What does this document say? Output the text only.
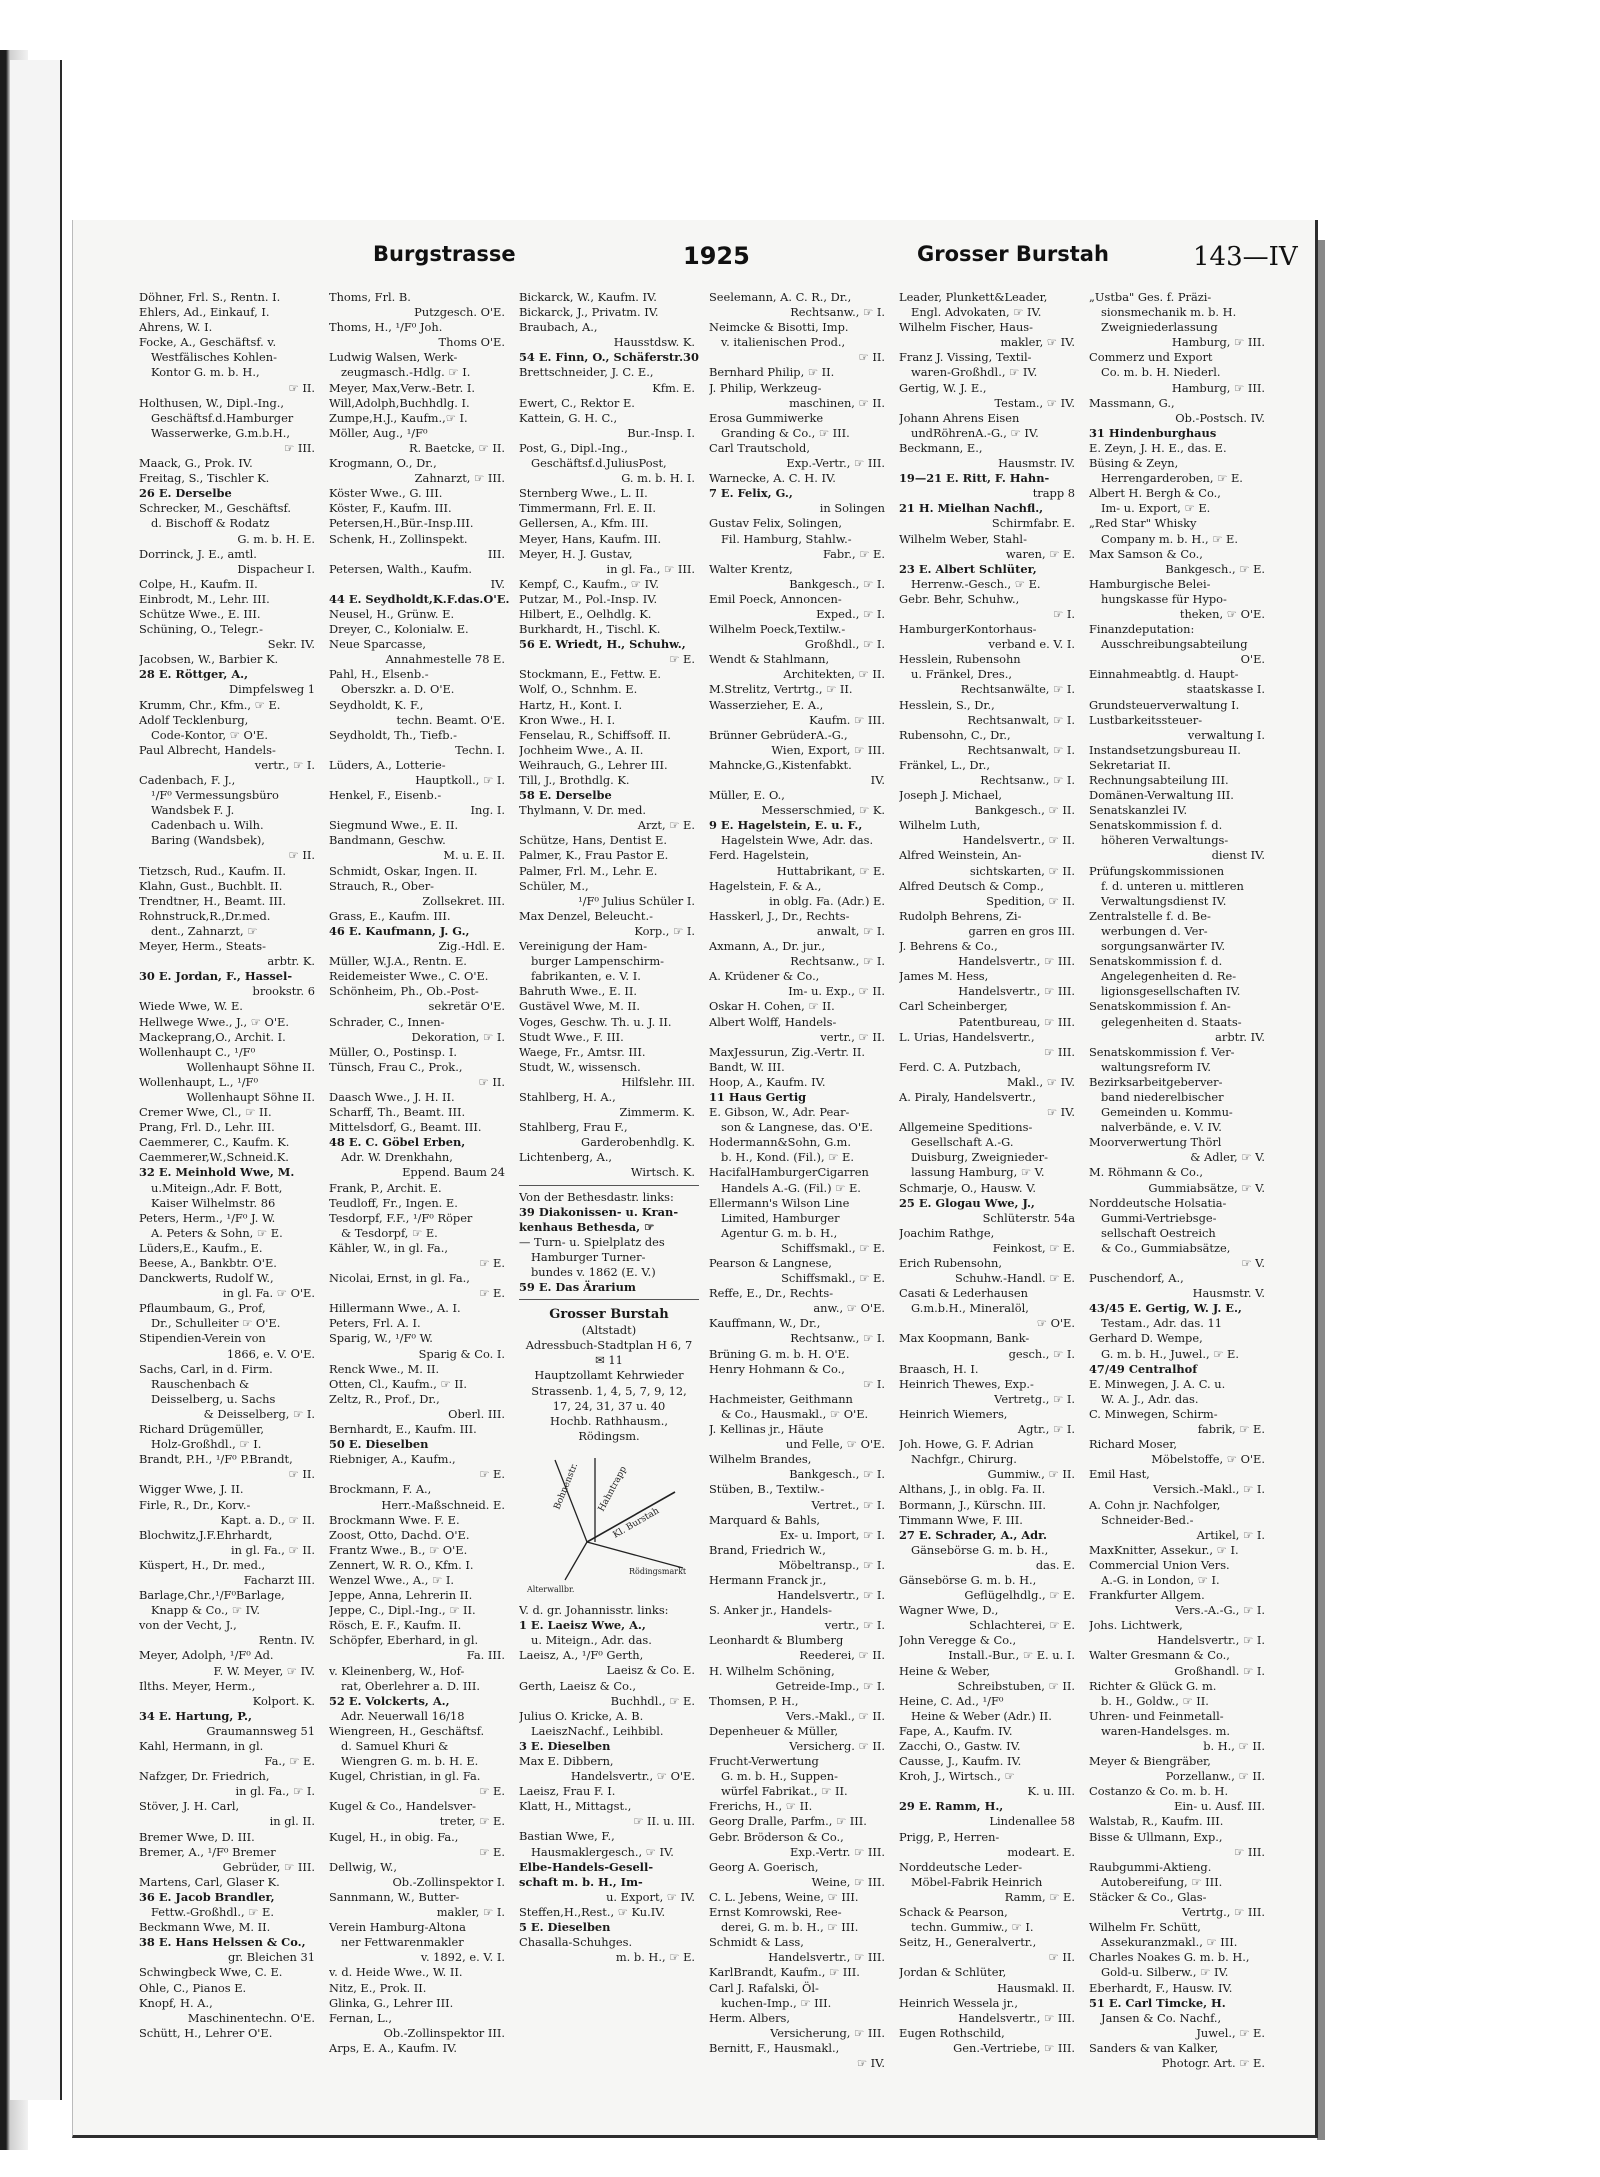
Burgstrasse	1925	Grosser Burstah	143—IV
Döhner, Frl. S., Rentn. I.
Ehlers, Ad., Einkauf, I.
Ahrens, W. I.
Focke, A., Geschäftsf. v.
Westfälisches Kohlen-
Kontor G. m. b. H.,
☞ II.
Holthusen, W., Dipl.-Ing.,
Geschäftsf.d.Hamburger
Wasserwerke, G.m.b.H.,
☞ III.
Maack, G., Prok. IV.
Freitag, S., Tischler K.
26 E. Derselbe
Schrecker, M., Geschäftsf.
d. Bischoff & Rodatz
G. m. b. H. E.
Dorrinck, J. E., amtl.
Dispacheur I.
Colpe, H., Kaufm. II.
Einbrodt, M., Lehr. III.
Schütze Wwe., E. III.
Schüning, O., Telegr.-
Sekr. IV.
Jacobsen, W., Barbier K.
28 E. Röttger, A.,
Dimpfelsweg 1
Krumm, Chr., Kfm., ☞ E.
Adolf Tecklenburg,
Code-Kontor, ☞ O'E.
Paul Albrecht, Handels-
vertr., ☞ I.
Cadenbach, F. J.,
¹/F⁰ Vermessungsbüro
Wandsbek F. J.
Cadenbach u. Wilh.
Baring (Wandsbek),
☞ II.
Tietzsch, Rud., Kaufm. II.
Klahn, Gust., Buchblt. II.
Trendtner, H., Beamt. III.
Rohnstruck,R.,Dr.med.
dent., Zahnarzt, ☞
Meyer, Herm., Steats-
arbtr. K.
30 E. Jordan, F., Hassel-
brookstr. 6
Wiede Wwe, W. E.
Hellwege Wwe., J., ☞ O'E.
Mackeprang,O., Archit. I.
Wollenhaupt C., ¹/F⁰
Wollenhaupt Söhne II.
Wollenhaupt, L., ¹/F⁰
Wollenhaupt Söhne II.
Cremer Wwe, Cl., ☞ II.
Prang, Frl. D., Lehr. III.
Caemmerer, C., Kaufm. K.
Caemmerer,W.,Schneid.K.
32 E. Meinhold Wwe, M.
u.Miteign.,Adr. F. Bott,
Kaiser Wilhelmstr. 86
Peters, Herm., ¹/F⁰ J. W.
A. Peters & Sohn, ☞ E.
Lüders,E., Kaufm., E.
Beese, A., Bankbtr. O'E.
Danckwerts, Rudolf W.,
in gl. Fa. ☞ O'E.
Pflaumbaum, G., Prof,
Dr., Schulleiter ☞ O'E.
Stipendien-Verein von
1866, e. V. O'E.
Sachs, Carl, in d. Firm.
Rauschenbach &
Deisselberg, u. Sachs
& Deisselberg, ☞ I.
Richard Drügemüller,
Holz-Großhdl., ☞ I.
Brandt, P.H., ¹/F⁰ P.Brandt,
☞ II.
Wigger Wwe, J. II.
Firle, R., Dr., Korv.-
Kapt. a. D., ☞ II.
Blochwitz,J.F.Ehrhardt,
in gl. Fa., ☞ II.
Küspert, H., Dr. med.,
Facharzt III.
Barlage,Chr.,¹/F⁰Barlage,
Knapp & Co., ☞ IV.
von der Vecht, J.,
Rentn. IV.
Meyer, Adolph, ¹/F⁰ Ad.
F. W. Meyer, ☞ IV.
Ilths. Meyer, Herm.,
Kolport. K.
34 E. Hartung, P.,
Graumannsweg 51
Kahl, Hermann, in gl.
Fa., ☞ E.
Nafzger, Dr. Friedrich,
in gl. Fa., ☞ I.
Stöver, J. H. Carl,
in gl. II.
Bremer Wwe, D. III.
Bremer, A., ¹/F⁰ Bremer
Gebrüder, ☞ III.
Martens, Carl, Glaser K.
36 E. Jacob Brandler,
Fettw.-Großhdl., ☞ E.
Beckmann Wwe, M. II.
38 E. Hans Helssen & Co.,
gr. Bleichen 31
Schwingbeck Wwe, C. E.
Ohle, C., Pianos E.
Knopf, H. A.,
Maschinentechn. O'E.
Schütt, H., Lehrer O'E.
Thoms, Frl. B.
Putzgesch. O'E.
Thoms, H., ¹/F⁰ Joh.
Thoms O'E.
Ludwig Walsen, Werk-
zeugmasch.-Hdlg. ☞ I.
Meyer, Max,Verw.-Betr. I.
Will,Adolph,Buchhdlg. I.
Zumpe,H.J., Kaufm.,☞ I.
Möller, Aug., ¹/F⁰
R. Baetcke, ☞ II.
Krogmann, O., Dr.,
Zahnarzt, ☞ III.
Köster Wwe., G. III.
Köster, F., Kaufm. III.
Petersen,H.,Bür.-Insp.III.
Schenk, H., Zollinspekt.
III.
Petersen, Walth., Kaufm.
IV.
44 E. Seydholdt,K.F.das.O'E.
Neusel, H., Grünw. E.
Dreyer, C., Kolonialw. E.
Neue Sparcasse,
Annahmestelle 78 E.
Pahl, H., Elsenb.-
Oberszkr. a. D. O'E.
Seydholdt, K. F.,
techn. Beamt. O'E.
Seydholdt, Th., Tiefb.-
Techn. I.
Lüders, A., Lotterie-
Hauptkoll., ☞ I.
Henkel, F., Eisenb.-
Ing. I.
Siegmund Wwe., E. II.
Bandmann, Geschw.
M. u. E. II.
Schmidt, Oskar, Ingen. II.
Strauch, R., Ober-
Zollsekret. III.
Grass, E., Kaufm. III.
46 E. Kaufmann, J. G.,
Zig.-Hdl. E.
Müller, W.J.A., Rentn. E.
Reidemeister Wwe., C. O'E.
Schönheim, Ph., Ob.-Post-
sekretär O'E.
Schrader, C., Innen-
Dekoration, ☞ I.
Müller, O., Postinsp. I.
Tünsch, Frau C., Prok.,
☞ II.
Daasch Wwe., J. H. II.
Scharff, Th., Beamt. III.
Mittelsdorf, G., Beamt. III.
48 E. C. Göbel Erben,
Adr. W. Drenkhahn,
Eppend. Baum 24
Frank, P., Archit. E.
Teudloff, Fr., Ingen. E.
Tesdorpf, F.F., ¹/F⁰ Röper
& Tesdorpf, ☞ E.
Kähler, W., in gl. Fa.,
☞ E.
Nicolai, Ernst, in gl. Fa.,
☞ E.
Hillermann Wwe., A. I.
Peters, Frl. A. I.
Sparig, W., ¹/F⁰ W.
Sparig & Co. I.
Renck Wwe., M. II.
Otten, Cl., Kaufm., ☞ II.
Zeltz, R., Prof., Dr.,
Oberl. III.
Bernhardt, E., Kaufm. III.
50 E. Dieselben
Riebniger, A., Kaufm.,
☞ E.
Brockmann, F. A.,
Herr.-Maßschneid. E.
Brockmann Wwe. F. E.
Zoost, Otto, Dachd. O'E.
Frantz Wwe., B., ☞ O'E.
Zennert, W. R. O., Kfm. I.
Wenzel Wwe., A., ☞ I.
Jeppe, Anna, Lehrerin II.
Jeppe, C., Dipl.-Ing., ☞ II.
Rösch, E. F., Kaufm. II.
Schöpfer, Eberhard, in gl.
Fa. III.
v. Kleinenberg, W., Hof-
rat, Oberlehrer a. D. III.
52 E. Volckerts, A.,
Adr. Neuerwall 16/18
Wiengreen, H., Geschäftsf.
d. Samuel Khuri &
Wiengren G. m. b. H. E.
Kugel, Christian, in gl. Fa.
☞ E.
Kugel & Co., Handelsver-
treter, ☞ E.
Kugel, H., in obig. Fa.,
☞ E.
Dellwig, W.,
Ob.-Zollinspektor I.
Sannmann, W., Butter-
makler, ☞ I.
Verein Hamburg-Altona
ner Fettwarenmakler
v. 1892, e. V. I.
v. d. Heide Wwe., W. II.
Nitz, E., Prok. II.
Glinka, G., Lehrer III.
Fernan, L.,
Ob.-Zollinspektor III.
Arps, E. A., Kaufm. IV.
Bickarck, W., Kaufm. IV.
Bickarck, J., Privatm. IV.
Braubach, A.,
Hausstdsw. K.
54 E. Finn, O., Schäferstr.30
Brettschneider, J. C. E.,
Kfm. E.
Ewert, C., Rektor E.
Kattein, G. H. C.,
Bur.-Insp. I.
Post, G., Dipl.-Ing.,
Geschäftsf.d.JuliusPost,
G. m. b. H. I.
Sternberg Wwe., L. II.
Timmermann, Frl. E. II.
Gellersen, A., Kfm. III.
Meyer, Hans, Kaufm. III.
Meyer, H. J. Gustav,
in gl. Fa., ☞ III.
Kempf, C., Kaufm., ☞ IV.
Putzar, M., Pol.-Insp. IV.
Hilbert, E., Oelhdlg. K.
Burkhardt, H., Tischl. K.
56 E. Wriedt, H., Schuhw.,
☞ E.
Stockmann, E., Fettw. E.
Wolf, O., Schnhm. E.
Hartz, H., Kont. I.
Kron Wwe., H. I.
Fenselau, R., Schiffsoff. II.
Jochheim Wwe., A. II.
Weihrauch, G., Lehrer III.
Till, J., Brothdlg. K.
58 E. Derselbe
Thylmann, V. Dr. med.
Arzt, ☞ E.
Schütze, Hans, Dentist E.
Palmer, K., Frau Pastor E.
Palmer, Frl. M., Lehr. E.
Schüler, M.,
¹/F⁰ Julius Schüler I.
Max Denzel, Beleucht.-
Korp., ☞ I.
Vereinigung der Ham-
burger Lampenschirm-
fabrikanten, e. V. I.
Bahruth Wwe., E. II.
Gustävel Wwe, M. II.
Voges, Geschw. Th. u. J. II.
Studt Wwe., F. III.
Waege, Fr., Amtsr. III.
Studt, W., wissensch.
Hilfslehr. III.
Stahlberg, H. A.,
Zimmerm. K.
Stahlberg, Frau F.,
Garderobenhdlg. K.
Lichtenberg, A.,
Wirtsch. K.
Von der Bethesdastr. links:
39 Diakonissen- u. Kran-
kenhaus Bethesda, ☞
— Turn- u. Spielplatz des
Hamburger Turner-
bundes v. 1862 (E. V.)
59 E. Das Ärarium
Grosser Burstah
(Altstadt)
Adressbuch-Stadtplan H 6, 7
✉ 11
Hauptzollamt Kehrwieder
Strassenb. 1, 4, 5, 7, 9, 12,
17, 24, 31, 37 u. 40
Hochb. Rathhausm.,
Rödingsm.
Bohnenstr. Hahntrapp
Kl. Burstah
Rödingsmarkt
Alterwallbr.
V. d. gr. Johannisstr. links:
1 E. Laeisz Wwe, A.,
u. Miteign., Adr. das.
Laeisz, A., ¹/F⁰ Gerth,
Laeisz & Co. E.
Gerth, Laeisz & Co.,
Buchhdl., ☞ E.
Julius O. Kricke, A. B.
LaeiszNachf., Leihbibl.
3 E. Dieselben
Max E. Dibbern,
Handelsvertr., ☞ O'E.
Laeisz, Frau F. I.
Klatt, H., Mittagst.,
☞ II. u. III.
Bastian Wwe, F.,
Hausmaklergesch., ☞ IV.
Elbe-Handels-Gesell-
schaft m. b. H., Im-
u. Export, ☞ IV.
Steffen,H.,Rest., ☞ Ku.IV.
5 E. Dieselben
Chasalla-Schuhges.
m. b. H., ☞ E.
Seelemann, A. C. R., Dr.,
Rechtsanw., ☞ I.
Neimcke & Bisotti, Imp.
v. italienischen Prod.,
☞ II.
Bernhard Philip, ☞ II.
J. Philip, Werkzeug-
maschinen, ☞ II.
Erosa Gummiwerke
Granding & Co., ☞ III.
Carl Trautschold,
Exp.-Vertr., ☞ III.
Warnecke, A. C. H. IV.
7 E. Felix, G.,
in Solingen
Gustav Felix, Solingen,
Fil. Hamburg, Stahlw.-
Fabr., ☞ E.
Walter Krentz,
Bankgesch., ☞ I.
Emil Poeck, Annoncen-
Exped., ☞ I.
Wilhelm Poeck,Textilw.-
Großhdl., ☞ I.
Wendt & Stahlmann,
Architekten, ☞ II.
M.Strelitz, Vertrtg., ☞ II.
Wasserzieher, E. A.,
Kaufm. ☞ III.
Brünner GebrüderA.-G.,
Wien, Export, ☞ III.
Mahncke,G.,Kistenfabkt.
IV.
Müller, E. O.,
Messerschmied, ☞ K.
9 E. Hagelstein, E. u. F.,
Hagelstein Wwe, Adr. das.
Ferd. Hagelstein,
Huttabrikant, ☞ E.
Hagelstein, F. & A.,
in oblg. Fa. (Adr.) E.
Hasskerl, J., Dr., Rechts-
anwalt, ☞ I.
Axmann, A., Dr. jur.,
Rechtsanw., ☞ I.
A. Krüdener & Co.,
Im- u. Exp., ☞ II.
Oskar H. Cohen, ☞ II.
Albert Wolff, Handels-
vertr., ☞ II.
MaxJessurun, Zig.-Vertr. II.
Bandt, W. III.
Hoop, A., Kaufm. IV.
11 Haus Gertig
E. Gibson, W., Adr. Pear-
son & Langnese, das. O'E.
Hodermann&Sohn, G.m.
b. H., Kond. (Fil.), ☞ E.
HacifalHamburgerCigarren
Handels A.-G. (Fil.) ☞ E.
Ellermann's Wilson Line
Limited, Hamburger
Agentur G. m. b. H.,
Schiffsmakl., ☞ E.
Pearson & Langnese,
Schiffsmakl., ☞ E.
Reffe, E., Dr., Rechts-
anw., ☞ O'E.
Kauffmann, W., Dr.,
Rechtsanw., ☞ I.
Brüning G. m. b. H. O'E.
Henry Hohmann & Co.,
☞ I.
Hachmeister, Geithmann
& Co., Hausmakl., ☞ O'E.
J. Kellinas jr., Häute
und Felle, ☞ O'E.
Wilhelm Brandes,
Bankgesch., ☞ I.
Stüben, B., Textilw.-
Vertret., ☞ I.
Marquard & Bahls,
Ex- u. Import, ☞ I.
Brand, Friedrich W.,
Möbeltransp., ☞ I.
Hermann Franck jr.,
Handelsvertr., ☞ I.
S. Anker jr., Handels-
vertr., ☞ I.
Leonhardt & Blumberg
Reederei, ☞ II.
H. Wilhelm Schöning,
Getreide-Imp., ☞ I.
Thomsen, P. H.,
Vers.-Makl., ☞ II.
Depenheuer & Müller,
Versicherg. ☞ II.
Frucht-Verwertung
G. m. b. H., Suppen-
würfel Fabrikat., ☞ II.
Frerichs, H., ☞ II.
Georg Dralle, Parfm., ☞ III.
Gebr. Bröderson & Co.,
Exp.-Vertr. ☞ III.
Georg A. Goerisch,
Weine, ☞ III.
C. L. Jebens, Weine, ☞ III.
Ernst Komrowski, Ree-
derei, G. m. b. H., ☞ III.
Schmidt & Lass,
Handelsvertr., ☞ III.
KarlBrandt, Kaufm., ☞ III.
Carl J. Rafalski, Öl-
kuchen-Imp., ☞ III.
Herm. Albers,
Versicherung, ☞ III.
Bernitt, F., Hausmakl.,
☞ IV.
Leader, Plunkett&Leader,
Engl. Advokaten, ☞ IV.
Wilhelm Fischer, Haus-
makler, ☞ IV.
Franz J. Vissing, Textil-
waren-Großhdl., ☞ IV.
Gertig, W. J. E.,
Testam., ☞ IV.
Johann Ahrens Eisen
undRöhrenA.-G., ☞ IV.
Beckmann, E.,
Hausmstr. IV.
19—21 E. Ritt, F. Hahn-
trapp 8
21 H. Mielhan Nachfl.,
Schirmfabr. E.
Wilhelm Weber, Stahl-
waren, ☞ E.
23 E. Albert Schlüter,
Herrenw.-Gesch., ☞ E.
Gebr. Behr, Schuhw.,
☞ I.
HamburgerKontorhaus-
verband e. V. I.
Hesslein, Rubensohn
u. Fränkel, Dres.,
Rechtsanwälte, ☞ I.
Hesslein, S., Dr.,
Rechtsanwalt, ☞ I.
Rubensohn, C., Dr.,
Rechtsanwalt, ☞ I.
Fränkel, L., Dr.,
Rechtsanw., ☞ I.
Joseph J. Michael,
Bankgesch., ☞ II.
Wilhelm Luth,
Handelsvertr., ☞ II.
Alfred Weinstein, An-
sichtskarten, ☞ II.
Alfred Deutsch & Comp.,
Spedition, ☞ II.
Rudolph Behrens, Zi-
garren en gros III.
J. Behrens & Co.,
Handelsvertr., ☞ III.
James M. Hess,
Handelsvertr., ☞ III.
Carl Scheinberger,
Patentbureau, ☞ III.
L. Urias, Handelsvertr.,
☞ III.
Ferd. C. A. Putzbach,
Makl., ☞ IV.
A. Piraly, Handelsvertr.,
☞ IV.
Allgemeine Speditions-
Gesellschaft A.-G.
Duisburg, Zweignieder-
lassung Hamburg, ☞ V.
Schmarje, O., Hausw. V.
25 E. Glogau Wwe, J.,
Schlüterstr. 54a
Joachim Rathge,
Feinkost, ☞ E.
Erich Rubensohn,
Schuhw.-Handl. ☞ E.
Casati & Lederhausen
G.m.b.H., Mineralöl,
☞ O'E.
Max Koopmann, Bank-
gesch., ☞ I.
Braasch, H. I.
Heinrich Thewes, Exp.-
Vertretg., ☞ I.
Heinrich Wiemers,
Agtr., ☞ I.
Joh. Howe, G. F. Adrian
Nachfgr., Chirurg.
Gummiw., ☞ II.
Althans, J., in oblg. Fa. II.
Bormann, J., Kürschn. III.
Timmann Wwe, F. III.
27 E. Schrader, A., Adr.
Gänsebörse G. m. b. H.,
das. E.
Gänsebörse G. m. b. H.,
Geflügelhdlg., ☞ E.
Wagner Wwe, D.,
Schlachterei, ☞ E.
John Veregge & Co.,
Install.-Bur., ☞ E. u. I.
Heine & Weber,
Schreibstuben, ☞ II.
Heine, C. Ad., ¹/F⁰
Heine & Weber (Adr.) II.
Fape, A., Kaufm. IV.
Zacchi, O., Gastw. IV.
Causse, J., Kaufm. IV.
Kroh, J., Wirtsch., ☞
K. u. III.
29 E. Ramm, H.,
Lindenallee 58
Prigg, P., Herren-
modeart. E.
Norddeutsche Leder-
Möbel-Fabrik Heinrich
Ramm, ☞ E.
Schack & Pearson,
techn. Gummiw., ☞ I.
Seitz, H., Generalvertr.,
☞ II.
Jordan & Schlüter,
Hausmakl. II.
Heinrich Wessela jr.,
Handelsvertr., ☞ III.
Eugen Rothschild,
Gen.-Vertriebe, ☞ III.
„Ustba" Ges. f. Präzi-
sionsmechanik m. b. H.
Zweigniederlassung
Hamburg, ☞ III.
Commerz und Export
Co. m. b. H. Niederl.
Hamburg, ☞ III.
Massmann, G.,
Ob.-Postsch. IV.
31 Hindenburghaus
E. Zeyn, J. H. E., das. E.
Büsing & Zeyn,
Herrengarderoben, ☞ E.
Albert H. Bergh & Co.,
Im- u. Export, ☞ E.
„Red Star" Whisky
Company m. b. H., ☞ E.
Max Samson & Co.,
Bankgesch., ☞ E.
Hamburgische Belei-
hungskasse für Hypo-
theken, ☞ O'E.
Finanzdeputation:
Ausschreibungsabteilung
O'E.
Einnahmeabtlg. d. Haupt-
staatskasse I.
Grundsteuerverwaltung I.
Lustbarkeitssteuer-
verwaltung I.
Instandsetzungsbureau II.
Sekretariat II.
Rechnungsabteilung III.
Domänen-Verwaltung III.
Senatskanzlei IV.
Senatskommission f. d.
höheren Verwaltungs-
dienst IV.
Prüfungskommissionen
f. d. unteren u. mittleren
Verwaltungsdienst IV.
Zentralstelle f. d. Be-
werbungen d. Ver-
sorgungsanwärter IV.
Senatskommission f. d.
Angelegenheiten d. Re-
ligionsgesellschaften IV.
Senatskommission f. An-
gelegenheiten d. Staats-
arbtr. IV.
Senatskommission f. Ver-
waltungsreform IV.
Bezirksarbeitgeberver-
band niederelbischer
Gemeinden u. Kommu-
nalverbände, e. V. IV.
Moorverwertung Thörl
& Adler, ☞ V.
M. Röhmann & Co.,
Gummiabsätze, ☞ V.
Norddeutsche Holsatia-
Gummi-Vertriebsge-
sellschaft Oestreich
& Co., Gummiabsätze,
☞ V.
Puschendorf, A.,
Hausmstr. V.
43/45 E. Gertig, W. J. E.,
Testam., Adr. das. 11
Gerhard D. Wempe,
G. m. b. H., Juwel., ☞ E.
47/49 Centralhof
E. Minwegen, J. A. C. u.
W. A. J., Adr. das.
C. Minwegen, Schirm-
fabrik, ☞ E.
Richard Moser,
Möbelstoffe, ☞ O'E.
Emil Hast,
Versich.-Makl., ☞ I.
A. Cohn jr. Nachfolger,
Schneider-Bed.-
Artikel, ☞ I.
MaxKnitter, Assekur., ☞ I.
Commercial Union Vers.
A.-G. in London, ☞ I.
Frankfurter Allgem.
Vers.-A.-G., ☞ I.
Johs. Lichtwerk,
Handelsvertr., ☞ I.
Walter Gresmann & Co.,
Großhandl. ☞ I.
Richter & Glück G. m.
b. H., Goldw., ☞ II.
Uhren- und Feinmetall-
waren-Handelsges. m.
b. H., ☞ II.
Meyer & Biengräber,
Porzellanw., ☞ II.
Costanzo & Co. m. b. H.
Ein- u. Ausf. III.
Walstab, R., Kaufm. III.
Bisse & Ullmann, Exp.,
☞ III.
Raubgummi-Aktieng.
Autobereifung, ☞ III.
Stäcker & Co., Glas-
Vertrtg., ☞ III.
Wilhelm Fr. Schütt,
Assekuranzmakl., ☞ III.
Charles Noakes G. m. b. H.,
Gold-u. Silberw., ☞ IV.
Eberhardt, F., Hausw. IV.
51 E. Carl Timcke, H.
Jansen & Co. Nachf.,
Juwel., ☞ E.
Sanders & van Kalker,
Photogr. Art. ☞ E.
